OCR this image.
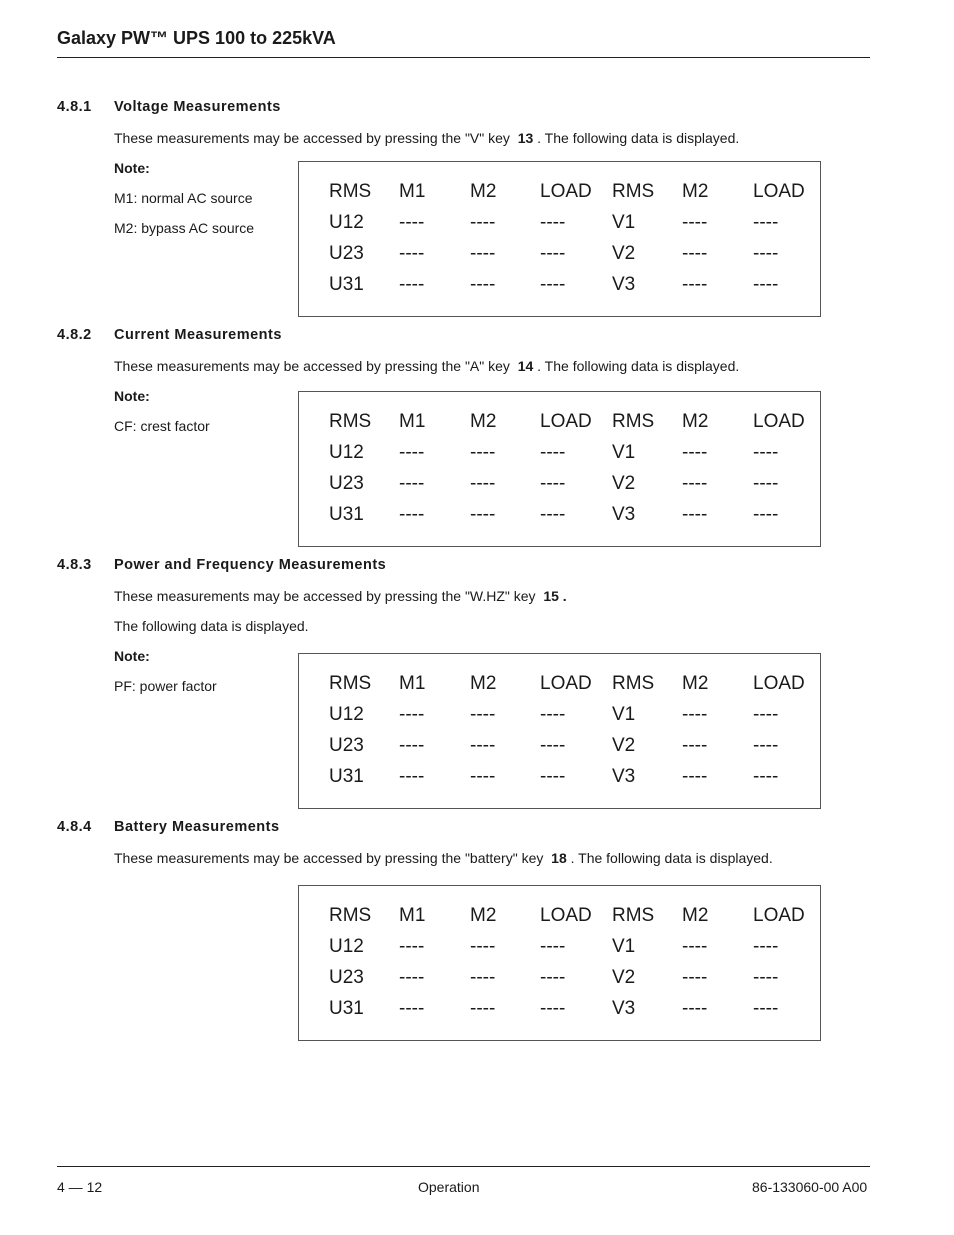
Galaxy PW™ UPS 100 to 225kVA
4.8.1 Voltage Measurements
These measurements may be accessed by pressing the "V" key 13 . The following data is displayed.
Note:
M1: normal AC source
M2: bypass AC source
RMS M1 M2 LOAD RMS M2 LOAD
U12 ---- ---- ---- V1 ---- ----
U23 ---- ---- ---- V2 ---- ----
U31 ---- ---- ---- V3 ---- ----
4.8.2 Current Measurements
These measurements may be accessed by pressing the "A" key 14 . The following data is displayed.
Note:
CF: crest factor	RMS M1 M2 LOAD RMS M2 LOAD
U12 ---- ---- ---- V1 ---- ----
U23 ---- ---- ---- V2 ---- ----
U31 ---- ---- ---- V3 ---- ----
4.8.3 Power and Frequency Measurements
These measurements may be accessed by pressing the "W.HZ" key 15 .
The following data is displayed.
Note:
PF: power factor	RMS M1 M2 LOAD RMS M2 LOAD
U12 ---- ---- ---- V1 ---- ----
U23 ---- ---- ---- V2 ---- ----
U31 ---- ---- ---- V3 ---- ----
4.8.4 Battery Measurements
These measurements may be accessed by pressing the "battery" key 18 . The following data is displayed.
RMS M1 M2 LOAD RMS M2 LOAD
U12 ---- ---- ---- V1 ---- ----
U23 ---- ---- ---- V2 ---- ----
U31 ---- ---- ---- V3 ---- ----
4 — 12	Operation	86-133060-00 A00
